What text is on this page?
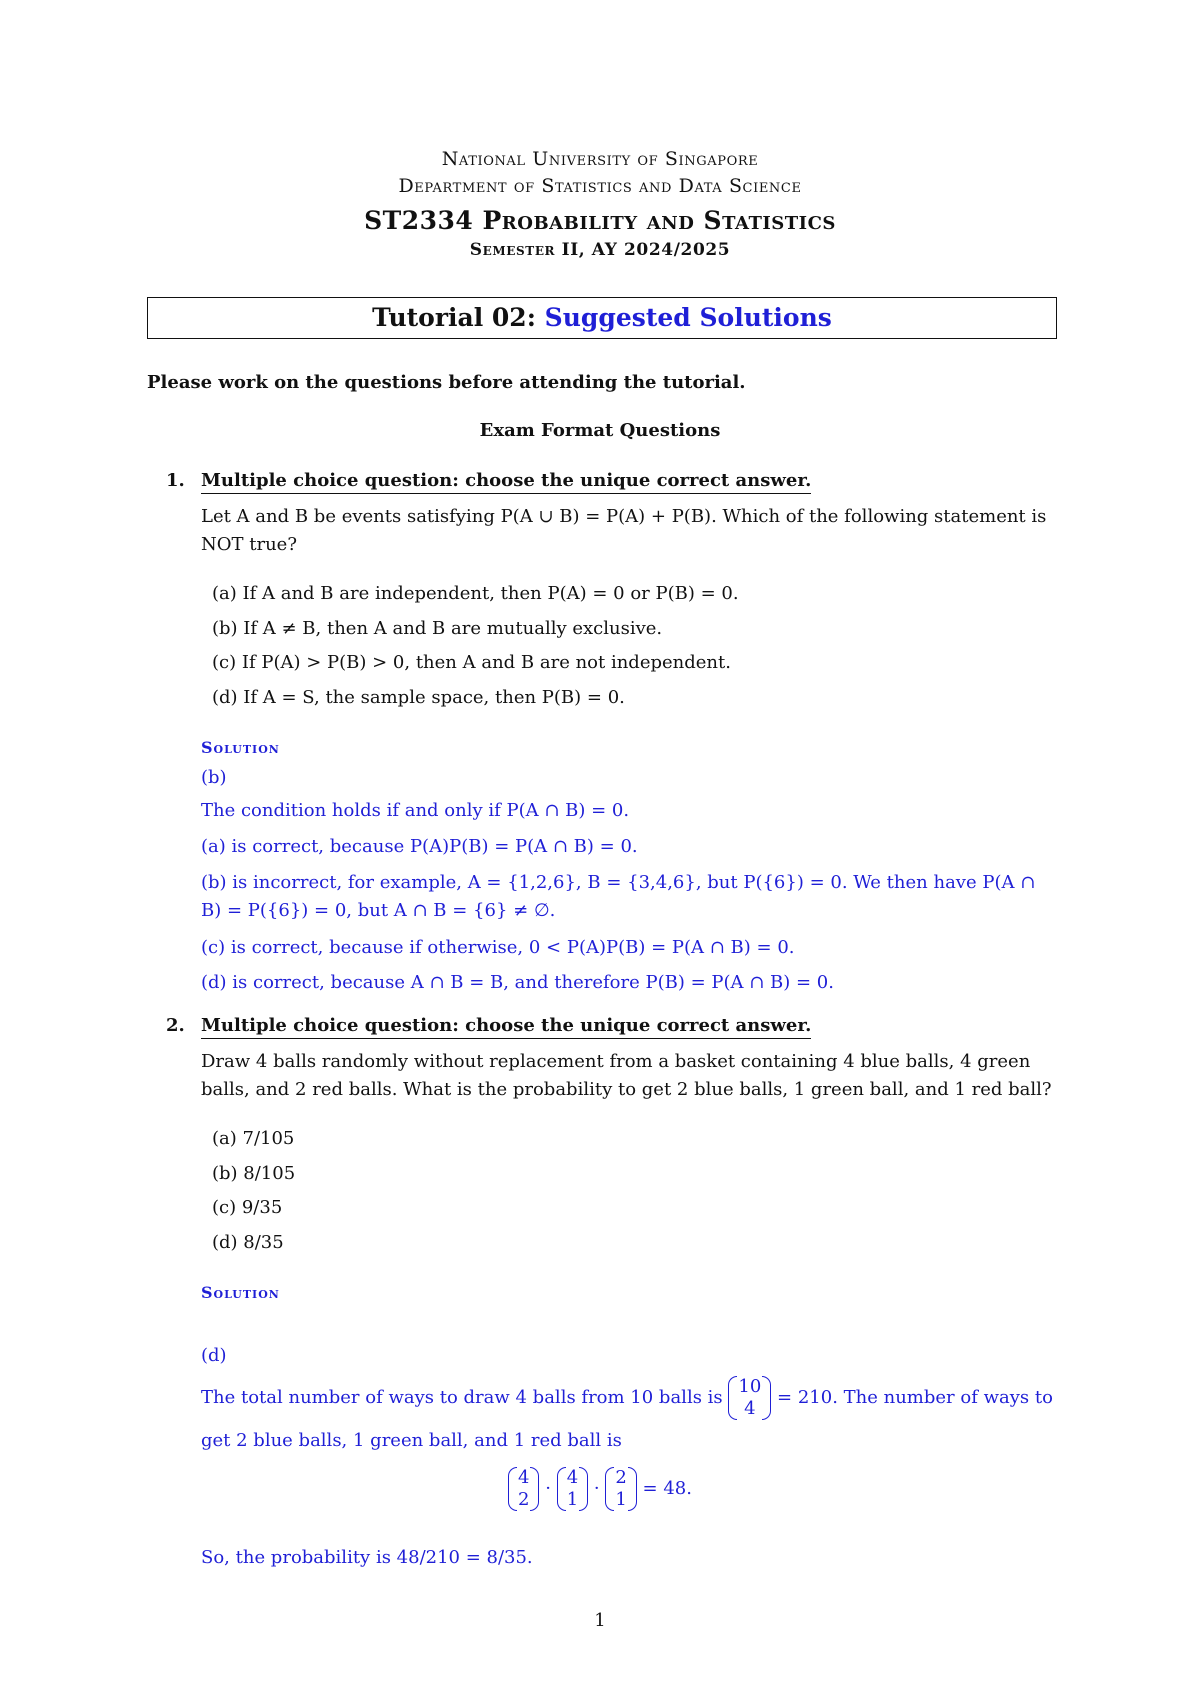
National University of Singapore
Department of Statistics and Data Science
ST2334 Probability and Statistics
Semester II, AY 2024/2025
Tutorial 02: Suggested Solutions
Please work on the questions before attending the tutorial.
Exam Format Questions
1. Multiple choice question: choose the unique correct answer.
Let A and B be events satisfying P(A ∪ B) = P(A) + P(B). Which of the following statement is NOT true?
(a) If A and B are independent, then P(A) = 0 or P(B) = 0.
(b) If A ≠ B, then A and B are mutually exclusive.
(c) If P(A) > P(B) > 0, then A and B are not independent.
(d) If A = S, the sample space, then P(B) = 0.
Solution
(b)
The condition holds if and only if P(A ∩ B) = 0.
(a) is correct, because P(A)P(B) = P(A ∩ B) = 0.
(b) is incorrect, for example, A = {1,2,6}, B = {3,4,6}, but P({6}) = 0. We then have P(A ∩ B) = P({6}) = 0, but A ∩ B = {6} ≠ ∅.
(c) is correct, because if otherwise, 0 < P(A)P(B) = P(A ∩ B) = 0.
(d) is correct, because A ∩ B = B, and therefore P(B) = P(A ∩ B) = 0.
2. Multiple choice question: choose the unique correct answer.
Draw 4 balls randomly without replacement from a basket containing 4 blue balls, 4 green balls, and 2 red balls. What is the probability to get 2 blue balls, 1 green ball, and 1 red ball?
(a) 7/105
(b) 8/105
(c) 9/35
(d) 8/35
Solution
(d)
The total number of ways to draw 4 balls from 10 balls is
10
4
= 210. The number of ways to
get 2 blue balls, 1 green ball, and 1 red ball is
4
2
·
4
1
·
2
1
= 48.
So, the probability is 48/210 = 8/35.
1
